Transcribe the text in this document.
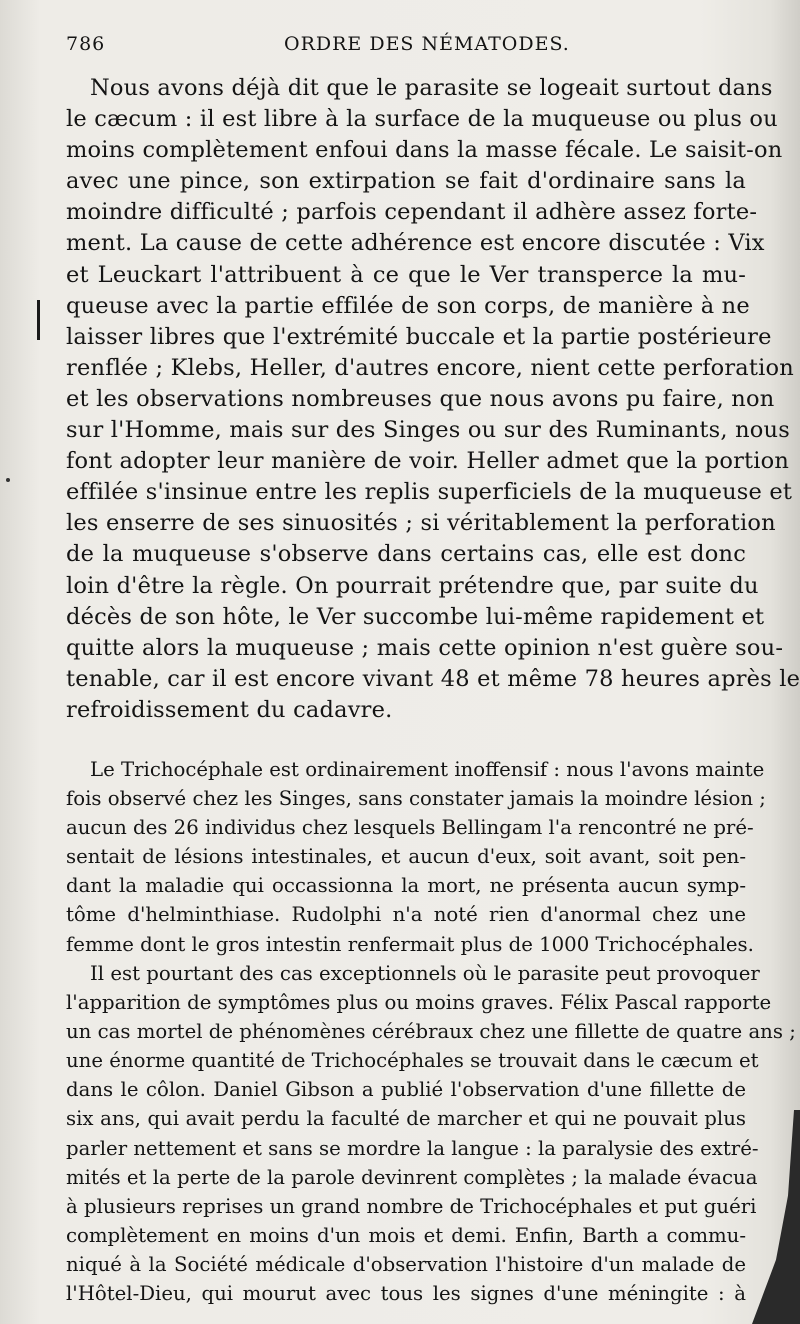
786	ORDRE DES NÉMATODES.
Nous avons déjà dit que le parasite se logeait surtout dans
le cæcum : il est libre à la surface de la muqueuse ou plus ou
moins complètement enfoui dans la masse fécale. Le saisit-on
avec une pince, son extirpation se fait d'ordinaire sans la
moindre difficulté ; parfois cependant il adhère assez forte-
ment. La cause de cette adhérence est encore discutée : Vix
et Leuckart l'attribuent à ce que le Ver transperce la mu-
queuse avec la partie effilée de son corps, de manière à ne
laisser libres que l'extrémité buccale et la partie postérieure
renflée ; Klebs, Heller, d'autres encore, nient cette perforation
et les observations nombreuses que nous avons pu faire, non
sur l'Homme, mais sur des Singes ou sur des Ruminants, nous
font adopter leur manière de voir. Heller admet que la portion
effilée s'insinue entre les replis superficiels de la muqueuse et
les enserre de ses sinuosités ; si véritablement la perforation
de la muqueuse s'observe dans certains cas, elle est donc
loin d'être la règle. On pourrait prétendre que, par suite du
décès de son hôte, le Ver succombe lui-même rapidement et
quitte alors la muqueuse ; mais cette opinion n'est guère sou-
tenable, car il est encore vivant 48 et même 78 heures après le
refroidissement du cadavre.
Le Trichocéphale est ordinairement inoffensif : nous l'avons mainte
fois observé chez les Singes, sans constater jamais la moindre lésion ;
aucun des 26 individus chez lesquels Bellingam l'a rencontré ne pré-
sentait de lésions intestinales, et aucun d'eux, soit avant, soit pen-
dant la maladie qui occassionna la mort, ne présenta aucun symp-
tôme d'helminthiase. Rudolphi n'a noté rien d'anormal chez une
femme dont le gros intestin renfermait plus de 1000 Trichocéphales.
Il est pourtant des cas exceptionnels où le parasite peut provoquer
l'apparition de symptômes plus ou moins graves. Félix Pascal rapporte
un cas mortel de phénomènes cérébraux chez une fillette de quatre ans ;
une énorme quantité de Trichocéphales se trouvait dans le cæcum et
dans le côlon. Daniel Gibson a publié l'observation d'une fillette de
six ans, qui avait perdu la faculté de marcher et qui ne pouvait plus
parler nettement et sans se mordre la langue : la paralysie des extré-
mités et la perte de la parole devinrent complètes ; la malade évacua
à plusieurs reprises un grand nombre de Trichocéphales et put guéri
complètement en moins d'un mois et demi. Enfin, Barth a commu-
niqué à la Société médicale d'observation l'histoire d'un malade de
l'Hôtel-Dieu, qui mourut avec tous les signes d'une méningite : à
